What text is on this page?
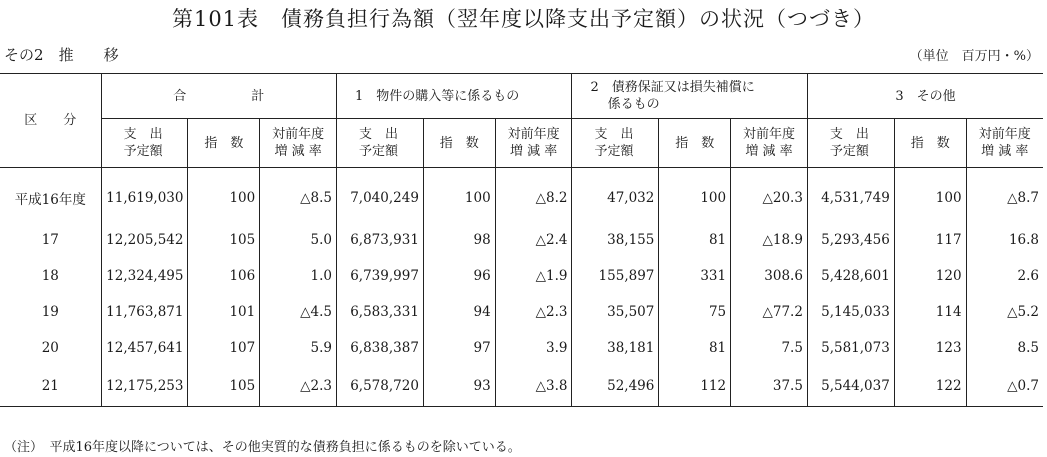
第101表　債務負担行為額（翌年度以降支出予定額）の状況（つづき）
その2　 推　　移	（単位　百万円・%）
区　　分	合　　　　　計			1　物件の購入等に係るもの			2　債務保証又は損失補償に
　 係るもの			3　その他		
	支　出
予定額	指　数	対前年度
増 減 率	支　出
予定額	指　数	対前年度
増 減 率	支　出
予定額	指　数	対前年度
増 減 率	支　出
予定額	指　数	対前年度
増 減 率
平成16年度	11,619,030	100	△8.5	7,040,249	100	△8.2	47,032	100	△20.3	4,531,749	100	△8.7
17	12,205,542	105	5.0	6,873,931	98	△2.4	38,155	81	△18.9	5,293,456	117	16.8
18	12,324,495	106	1.0	6,739,997	96	△1.9	155,897	331	308.6	5,428,601	120	2.6
19	11,763,871	101	△4.5	6,583,331	94	△2.3	35,507	75	△77.2	5,145,033	114	△5.2
20	12,457,641	107	5.9	6,838,387	97	3.9	38,181	81	7.5	5,581,073	123	8.5
21	12,175,253	105	△2.3	6,578,720	93	△3.8	52,496	112	37.5	5,544,037	122	△0.7
（注）　平成16年度以降については、その他実質的な債務負担に係るものを除いている。
